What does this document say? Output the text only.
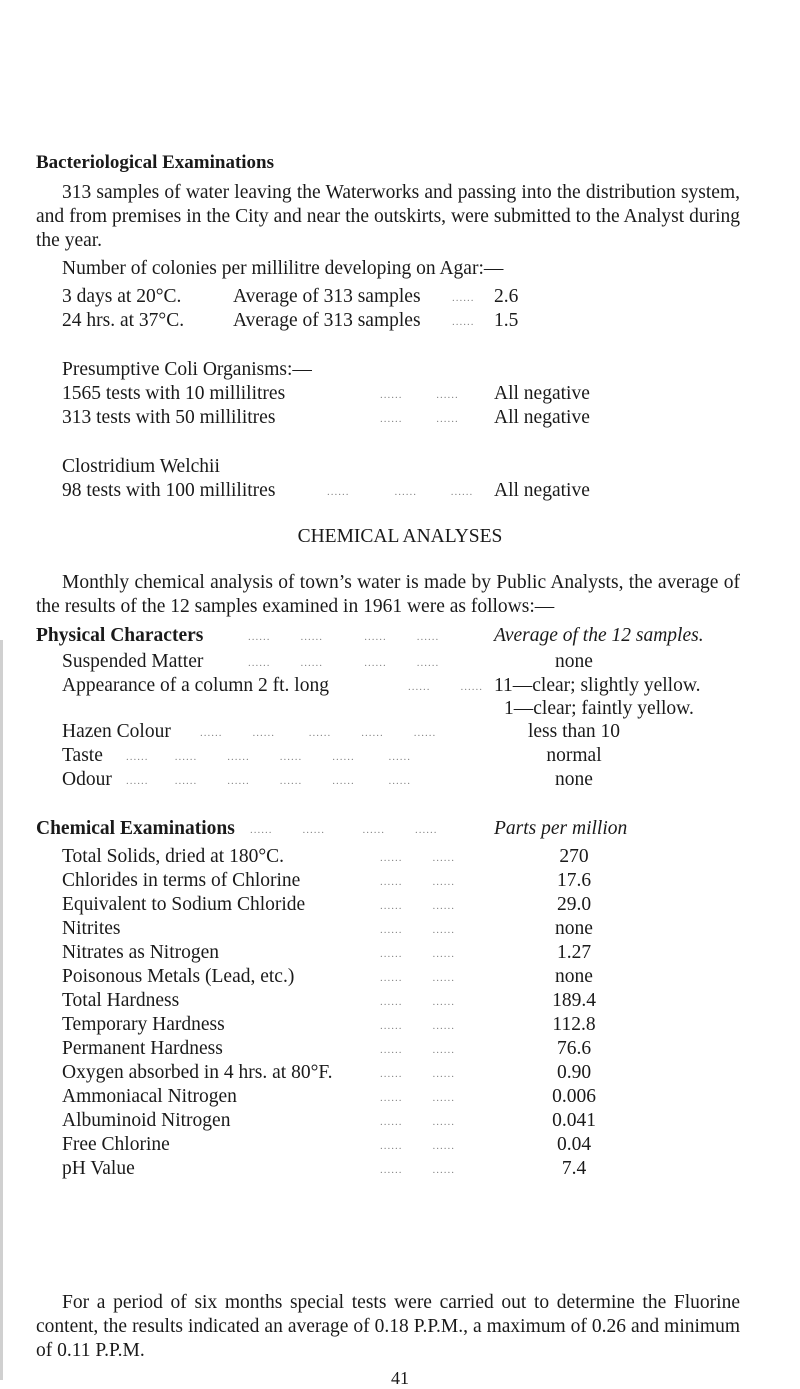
Bacteriological Examinations
313 samples of water leaving the Waterworks and passing into the distribution system, and from premises in the City and near the outskirts, were submitted to the Analyst during the year.
Number of colonies per millilitre developing on Agar:—
3 days at 20°C.	Average of 313 samples	...... 2.6
24 hrs. at 37°C.	Average of 313 samples	...... 1.5
Presumptive Coli Organisms:—
1565 tests with 10 millilitres	......         ...... All negative
313 tests with 50 millilitres	......         ...... All negative
Clostridium Welchii
98 tests with 100 millilitres	......            ......         ...... All negative
CHEMICAL ANALYSES
Monthly chemical analysis of town’s water is made by Public Analysts, the average of the results of the 12 samples examined in 1961 were as follows:—
Physical Characters	......        ......           ......        ......	Average of the 12 samples.
Suspended Matter	......        ......           ......        ......	none
Appearance of a column 2 ft. long	......        ...... 11—clear; slightly yellow.
1—clear; faintly yellow.
Hazen Colour	......        ......         ......        ......        ......	less than 10
Taste ......       ......        ......        ......        ......         ......	normal
Odour ......       ......        ......        ......        ......         ......	none
Chemical Examinations ......        ......          ......        ......	Parts per million
Total Solids, dried at 180°C.	......        ......	270
Chlorides in terms of Chlorine	......        ......	17.6
Equivalent to Sodium Chloride	......        ......	29.0
Nitrites	......        ......	none
Nitrates as Nitrogen	......        ......	1.27
Poisonous Metals (Lead, etc.)	......        ......	none
Total Hardness	......        ......	189.4
Temporary Hardness	......        ......	112.8
Permanent Hardness	......        ......	76.6
Oxygen absorbed in 4 hrs. at 80°F.	......        ......	0.90
Ammoniacal Nitrogen	......        ......	0.006
Albuminoid Nitrogen	......        ......	0.041
Free Chlorine	......        ......	0.04
pH Value	......        ......	7.4
For a period of six months special tests were carried out to determine the Fluorine content, the results indicated an average of 0.18 P.P.M., a maximum of 0.26 and minimum of 0.11 P.P.M.
41
